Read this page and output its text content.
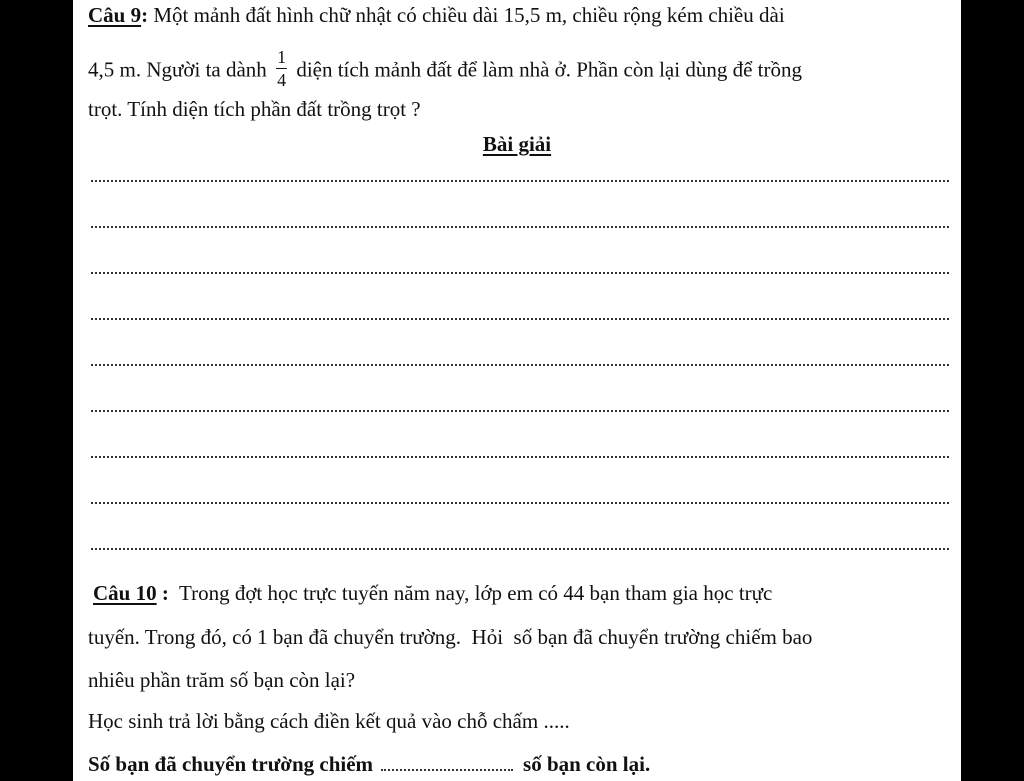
Câu 9: Một mảnh đất hình chữ nhật có chiều dài 15,5 m, chiều rộng kém chiều dài
4,5 m. Người ta dành $\frac{1}{4}$ diện tích mảnh đất để làm nhà ở. Phần còn lại dùng để trồng
trọt. Tính diện tích phần đất trồng trọt ?
Bài giải
Câu 10 :  Trong đợt học trực tuyến năm nay, lớp em có 44 bạn tham gia học trực
tuyến. Trong đó, có 1 bạn đã chuyển trường.  Hỏi  số bạn đã chuyển trường chiếm bao
nhiêu phần trăm số bạn còn lại?
Học sinh trả lời bằng cách điền kết quả vào chỗ chấm .....
Số bạn đã chuyển trường chiếm	số bạn còn lại.
